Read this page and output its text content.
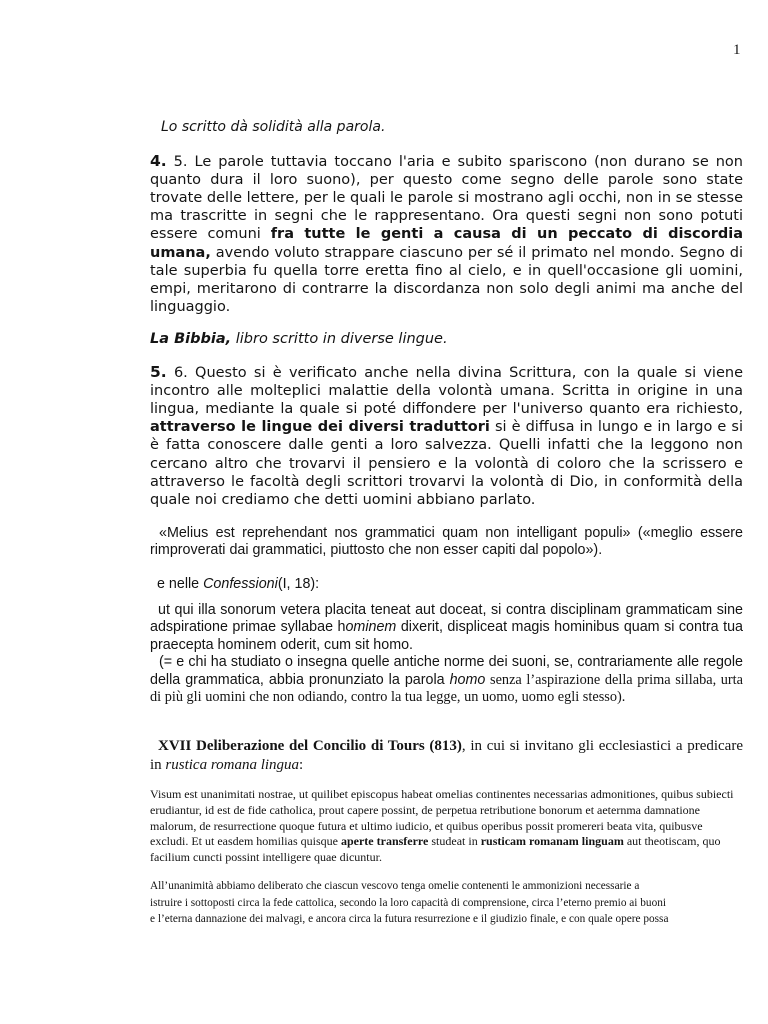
1

Lo scritto dà solidità alla parola.

4. 5. Le parole tuttavia toccano l'aria e subito spariscono (non durano se non quanto dura il loro suono), per questo come segno delle parole sono state trovate delle lettere, per le quali le parole si mostrano agli occhi, non in se stesse ma trascritte in segni che le rappresentano. Ora questi segni non sono potuti essere comuni fra tutte le genti a causa di un peccato di discordia umana, avendo voluto strappare ciascuno per sé il primato nel mondo. Segno di tale superbia fu quella torre eretta fino al cielo, e in quell'occasione gli uomini, empi, meritarono di contrarre la discordanza non solo degli animi ma anche del linguaggio.

La Bibbia, libro scritto in diverse lingue.

5. 6. Questo si è verificato anche nella divina Scrittura, con la quale si viene incontro alle molteplici malattie della volontà umana. Scritta in origine in una lingua, mediante la quale si poté diffondere per l'universo quanto era richiesto, attraverso le lingue dei diversi traduttori si è diffusa in lungo e in largo e si è fatta conoscere dalle genti a loro salvezza. Quelli infatti che la leggono non cercano altro che trovarvi il pensiero e la volontà di coloro che la scrissero e attraverso le facoltà degli scrittori trovarvi la volontà di Dio, in conformità della quale noi crediamo che detti uomini abbiano parlato.

«Melius est reprehendant nos grammatici quam non intelligant populi» («meglio essere rimproverati dai grammatici, piuttosto che non esser capiti dal popolo»).

e nelle Confessioni(I, 18):

ut qui illa sonorum vetera placita teneat aut doceat, si contra disciplinam grammaticam sine adspiratione primae syllabae hominem dixerit, displiceat magis hominibus quam si contra tua praecepta hominem oderit, cum sit homo.

(= e chi ha studiato o insegna quelle antiche norme dei suoni, se, contrariamente alle regole della grammatica, abbia pronunziato la parola homo senza l’aspirazione della prima sillaba, urta di più gli uomini che non odiando, contro la tua legge, un uomo, uomo egli stesso).

XVII Deliberazione del Concilio di Tours (813), in cui si invitano gli ecclesiastici a predicare in rustica romana lingua:

Visum est unanimitati nostrae, ut quilibet episcopus habeat omelias continentes necessarias admonitiones, quibus subiecti erudiantur, id est de fide catholica, prout capere possint, de perpetua retributione bonorum et aeternma damnatione malorum, de resurrectione quoque futura et ultimo iudicio, et quibus operibus possit promereri beata vita, quibusve excludi. Et ut easdem homilias quisque aperte transferre studeat in rusticam romanam linguam aut theotiscam, quo facilium cuncti possint intelligere quae dicuntur.

All’unanimità abbiamo deliberato che ciascun vescovo tenga omelie contenenti le ammonizioni necessarie a
istruire i sottoposti circa la fede cattolica, secondo la loro capacità di comprensione, circa l’eterno premio ai buoni
e l’eterna dannazione dei malvagi, e ancora circa la futura resurrezione e il giudizio finale, e con quale opere possa
